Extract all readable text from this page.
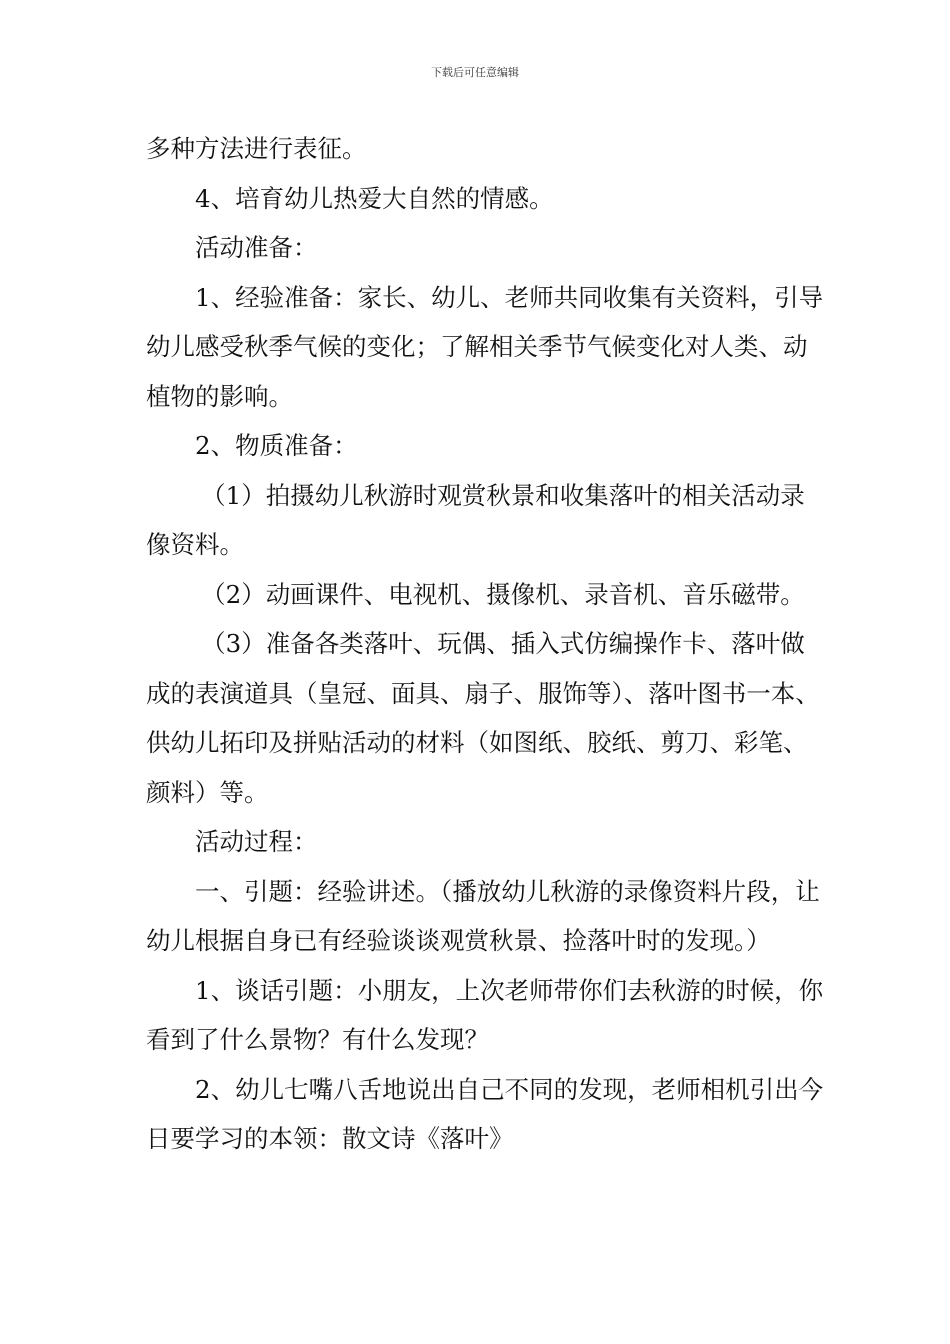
下载后可任意编辑

多种方法进行表征。

4、培育幼儿热爱大自然的情感。

活动准备：

1、经验准备：家长、幼儿、老师共同收集有关资料，引导幼儿感受秋季气候的变化；了解相关季节气候变化对人类、动植物的影响。

2、物质准备：

（1）拍摄幼儿秋游时观赏秋景和收集落叶的相关活动录像资料。

（2）动画课件、电视机、摄像机、录音机、音乐磁带。

（3）准备各类落叶、玩偶、插入式仿编操作卡、落叶做成的表演道具（皇冠、面具、扇子、服饰等）、落叶图书一本、供幼儿拓印及拼贴活动的材料（如图纸、胶纸、剪刀、彩笔、颜料）等。

活动过程：

一、引题：经验讲述。（播放幼儿秋游的录像资料片段，让幼儿根据自身已有经验谈谈观赏秋景、捡落叶时的发现。）

1、谈话引题：小朋友，上次老师带你们去秋游的时候，你看到了什么景物？有什么发现？

2、幼儿七嘴八舌地说出自己不同的发现，老师相机引出今日要学习的本领：散文诗《落叶》
